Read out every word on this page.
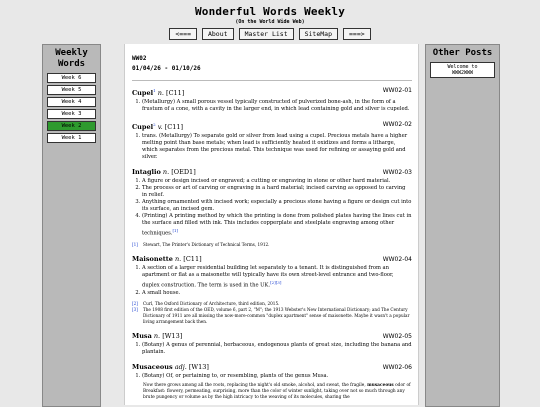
Wonderful Words Weekly
(On the World Wide Web)
<===	About	Master List	SiteMap	===>
Weekly
Words
Week 6
Week 5
Week 4
Week 3
Week 2
Week 1
WW02
01/04/26 - 01/10/26
Cupel$^1$ n. [C11]	WW02-01
1. (Metallurgy) A small porous vessel typically constructed of pulverized bone-ash, in the form of a frustum of a cone, with a cavity in the larger end, in which lead containing gold and silver is cupeled.
Cupel$^2$ v. [C11]	WW02-02
1. trans. (Metallurgy) To separate gold or silver from lead using a cupel. Precious metals have a higher melting point than base metals; when lead is sufficiently heated it oxidizes and forms a litharge, which separates from the precious metal. This technique was used for refining or assaying gold and silver.
Intaglio n. [OED1]	WW02-03
1. A figure or design incised or engraved; a cutting or engraving in stone or other hard material.
2. The process or art of carving or engraving in a hard material; incised carving as opposed to carving in relief.
3. Anything ornamented with incised work; especially a precious stone having a figure or design cut into its surface, an incised gem.
4. (Printing) A printing method by which the printing is done from polished plates having the lines cut in the surface and filled with ink. This includes copperplate and steelplate engraving among other techniques.[1]
[1] Stewart, The Printer's Dictionary of Technical Terms, 1912.
Maisonette n. [C11]	WW02-04
1. A section of a larger residential building let separately to a tenant. It is distinguished from an apartment or flat as a maisonette will typically have its own street-level entrance and two-floor, duplex construction. The term is used in the UK.[2][3]
2. A small house.
[2] Curl, The Oxford Dictionary of Architecture, third edition, 2015.
[3] The 1908 first edition of the OED, volume 6, part 2, "M"; the 1913 Webster's New International Dictionary; and The Century Dictionary of 1911 are all missing the now-more-common "duplex apartment" sense of maisonette. Maybe it wasn't a popular living arrangement back then.
Musa n. [W13]	WW02-05
1. (Botany) A genus of perennial, herbaceous, endogenous plants of great size, including the banana and plantain.
Musaceous adj. [W13]	WW02-06
1. (Botany) Of, or pertaining to, or resembling, plants of the genus Musa.
Now there grows among all the roots, replacing the night's old smoke, alcohol, and sweat, the fragile, musaceous odor of Breakfast: flowery, permeating, surprising, more than the color of winter sunlight, taking over not so much through any brute pungency or volume as by the high intricacy to the weaving of its molecules, sharing the
Other Posts
Welcome to
WWW2WWW
